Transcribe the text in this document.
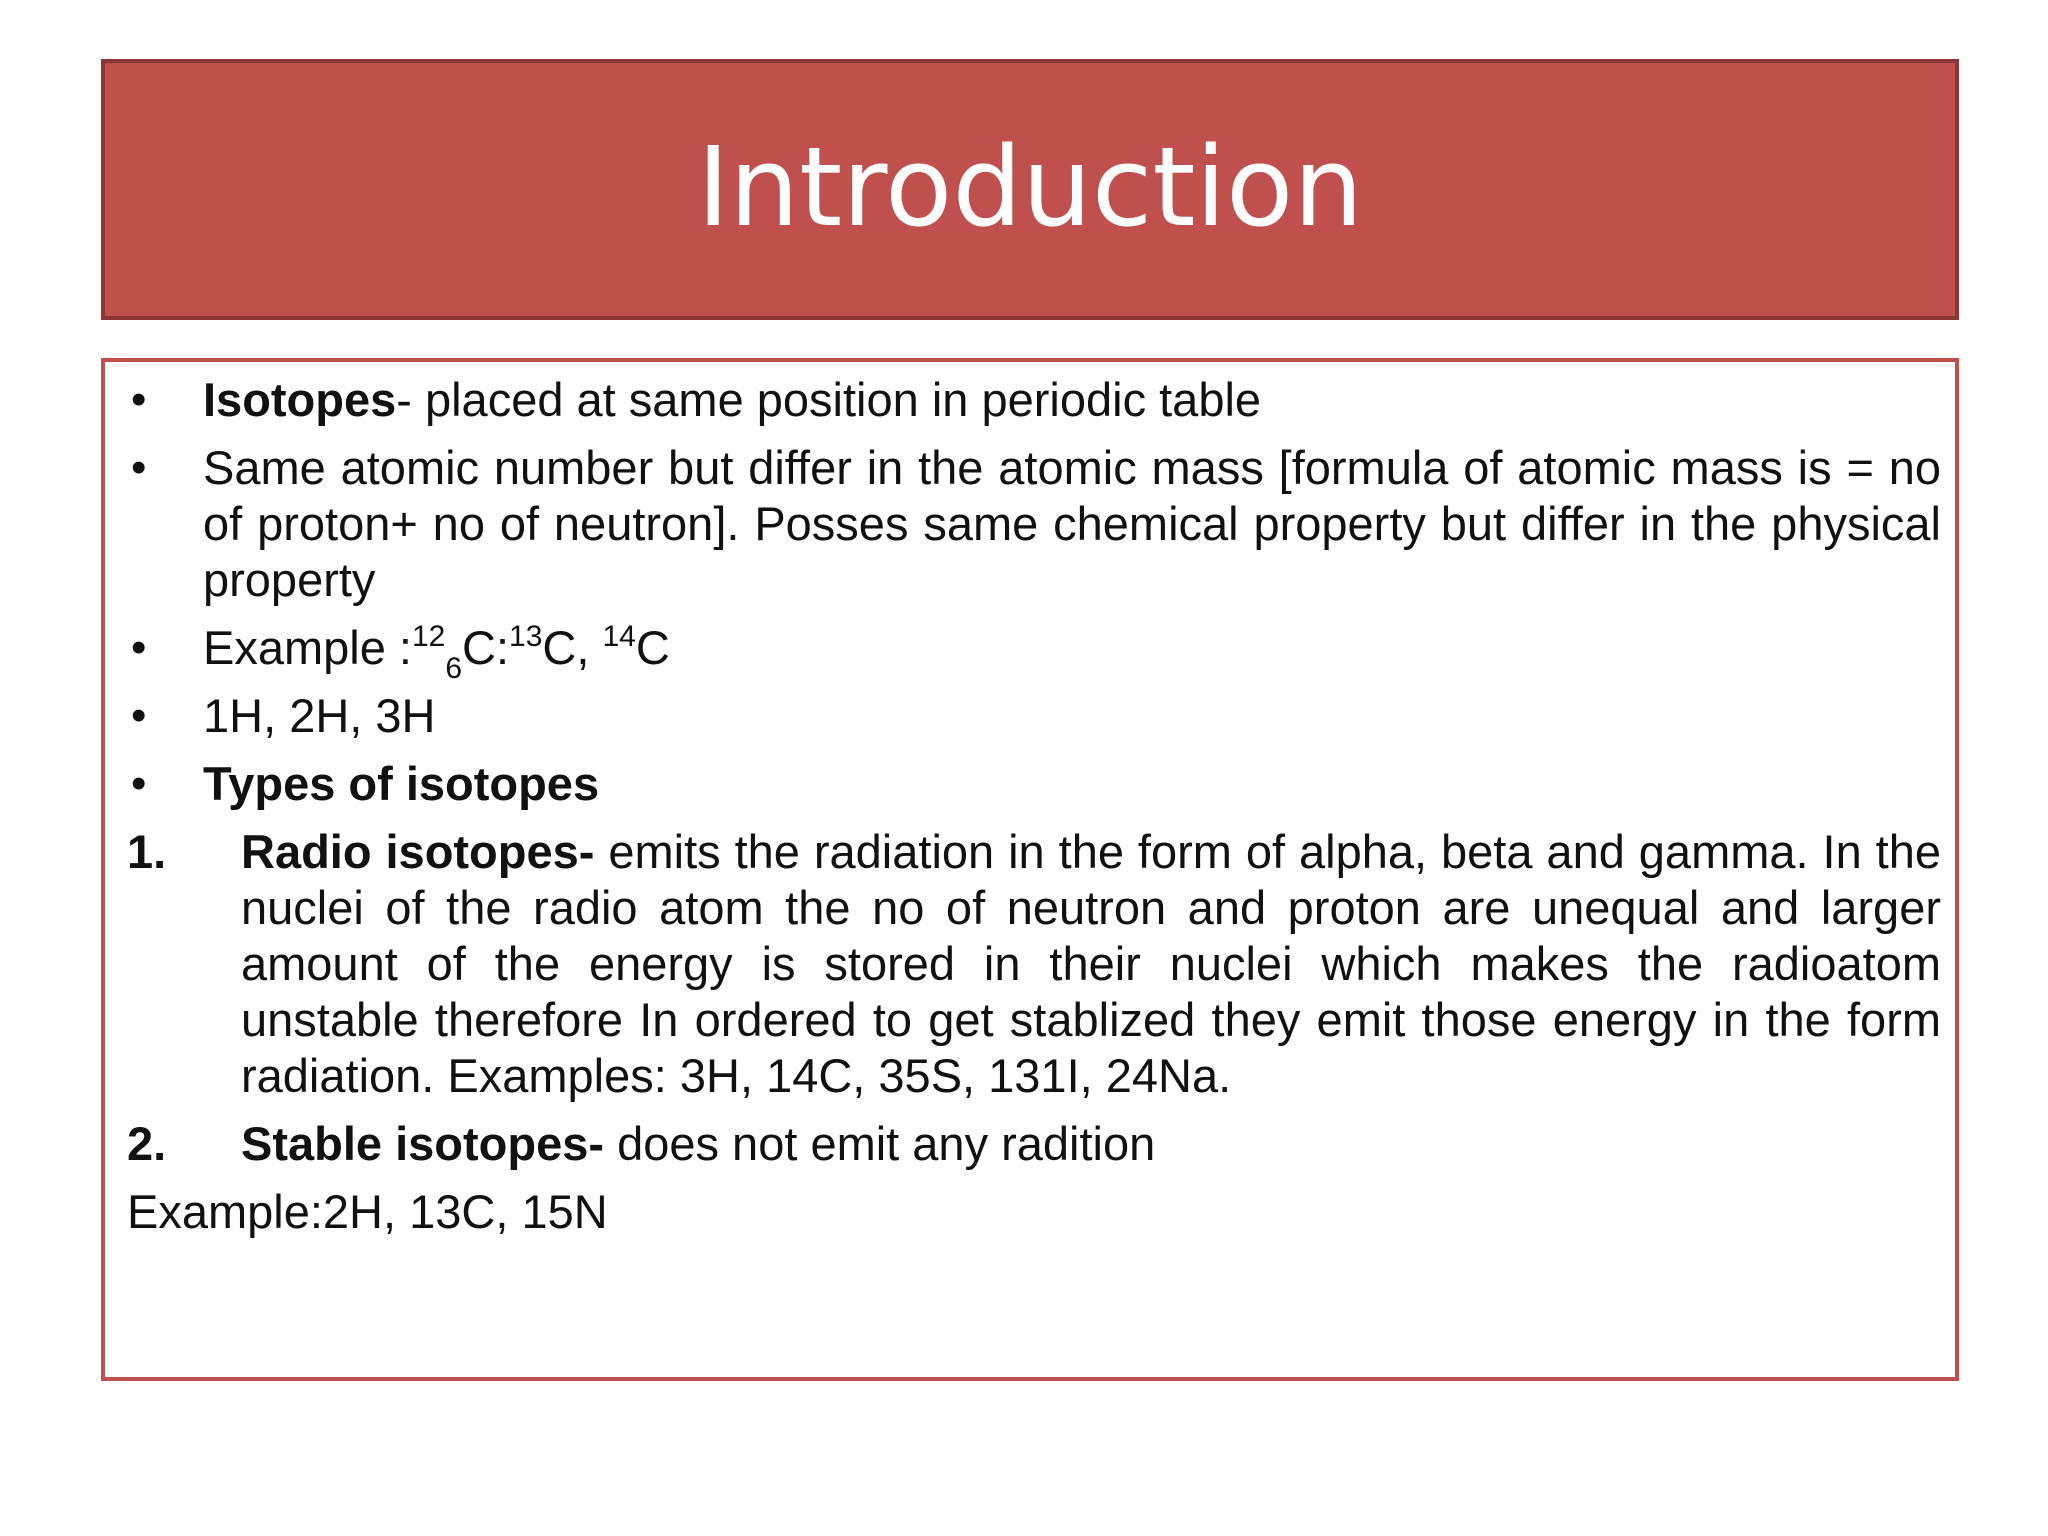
Introduction
• Isotopes- placed at same position in periodic table
• Same atomic number but differ in the atomic mass [formula of atomic mass is = no of proton+ no of neutron]. Posses same chemical property but differ in the physical property
• Example :$^{12}_6$C:$^{13}$C, $^{14}$C
• 1H, 2H, 3H
• Types of isotopes
1. Radio isotopes- emits the radiation in the form of alpha, beta and gamma. In the nuclei of the radio atom the no of neutron and proton are unequal and larger amount of the energy is stored in their nuclei which makes the radioatom unstable therefore In ordered to get stablized they emit those energy in the form radiation. Examples: 3H, 14C, 35S, 131I, 24Na.
2. Stable isotopes- does not emit any radition
Example:2H, 13C, 15N
